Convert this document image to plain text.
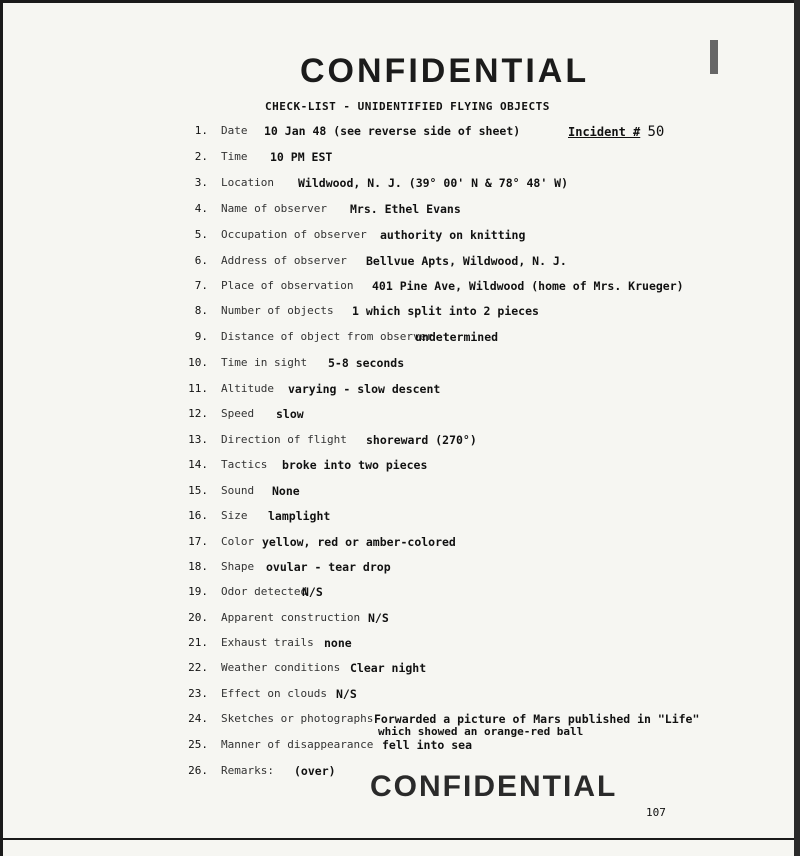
CONFIDENTIAL
CHECK-LIST - UNIDENTIFIED FLYING OBJECTS
Incident # 50
1. Date 10 Jan 48 (see reverse side of sheet)
2. Time 10 PM EST
3. Location Wildwood, N. J. (39° 00' N & 78° 48' W)
4. Name of observer Mrs. Ethel Evans
5. Occupation of observer authority on knitting
6. Address of observer Bellvue Apts, Wildwood, N. J.
7. Place of observation 401 Pine Ave, Wildwood (home of Mrs. Krueger)
8. Number of objects 1 which split into 2 pieces
9. Distance of object from observer
undetermined
10. Time in sight 5-8 seconds
11. Altitude varying - slow descent
12. Speed slow
13. Direction of flight shoreward (270°)
14. Tactics broke into two pieces
15. Sound None
16. Size lamplight
17. Color yellow, red or amber-colored
18. Shape ovular - tear drop
19. Odor detected
N/S
20. Apparent construction N/S
21. Exhaust trails none
22. Weather conditions Clear night
23. Effect on clouds N/S
24. Sketches or photographs Forwarded a picture of Mars published in "Life"
which showed an orange-red ball
25. Manner of disappearance fell into sea
26. Remarks: (over) CONFIDENTIAL
107
